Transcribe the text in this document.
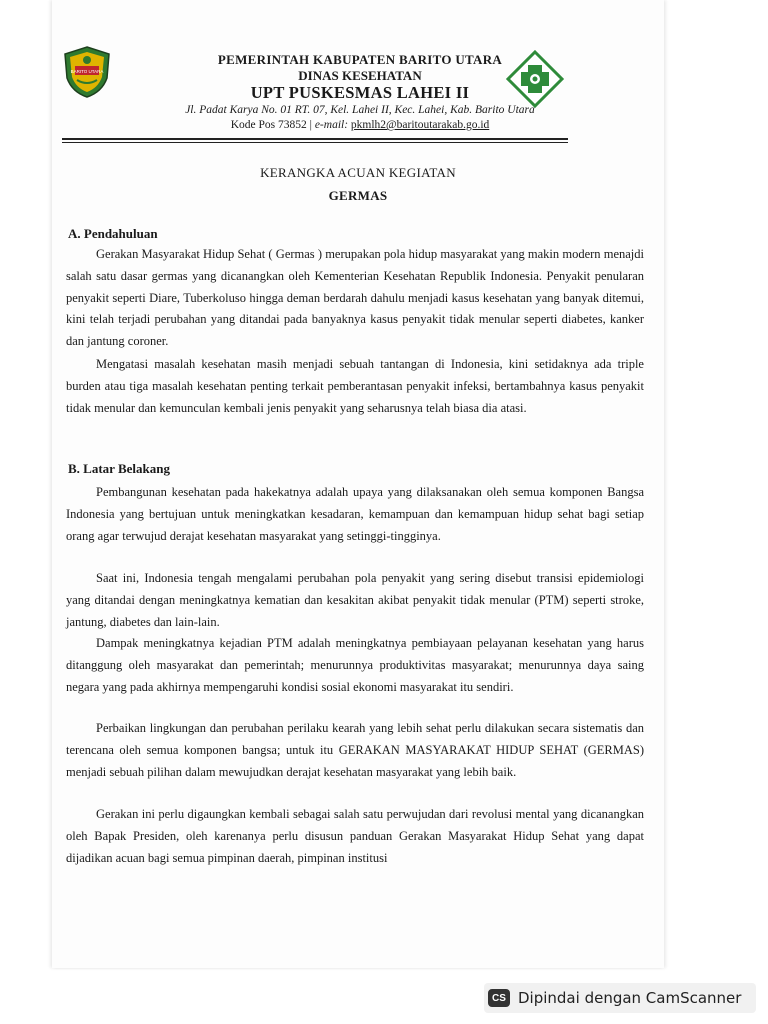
BARITO UTARA
PEMERINTAH KABUPATEN BARITO UTARA
DINAS KESEHATAN
UPT PUSKESMAS LAHEI II
Jl. Padat Karya No. 01 RT. 07, Kel. Lahei II, Kec. Lahei, Kab. Barito Utara
Kode Pos 73852 | e-mail: pkmlh2@baritoutarakab.go.id
KERANGKA ACUAN KEGIATAN
GERMAS
A. Pendahuluan

Gerakan Masyarakat Hidup Sehat ( Germas ) merupakan pola hidup masyarakat yang makin modern menajdi salah satu dasar germas yang dicanangkan oleh Kementerian Kesehatan Republik Indonesia. Penyakit penularan penyakit seperti Diare, Tuberkoluso hingga deman berdarah dahulu menjadi kasus kesehatan yang banyak ditemui, kini telah terjadi perubahan yang ditandai pada banyaknya kasus penyakit tidak menular seperti diabetes, kanker dan jantung coroner.

Mengatasi masalah kesehatan masih menjadi sebuah tantangan di Indonesia, kini setidaknya ada triple burden atau tiga masalah kesehatan penting terkait pemberantasan penyakit infeksi, bertambahnya kasus penyakit tidak menular dan kemunculan kembali jenis penyakit yang seharusnya telah biasa dia atasi.

B. Latar Belakang

Pembangunan kesehatan pada hakekatnya adalah upaya yang dilaksanakan oleh semua komponen Bangsa Indonesia yang bertujuan untuk meningkatkan kesadaran, kemampuan dan kemampuan hidup sehat bagi setiap orang agar terwujud derajat kesehatan masyarakat yang setinggi-tingginya.

Saat ini, Indonesia tengah mengalami perubahan pola penyakit yang sering disebut transisi epidemiologi yang ditandai dengan meningkatnya kematian dan kesakitan akibat penyakit tidak menular (PTM) seperti stroke, jantung, diabetes dan lain-lain.

Dampak meningkatnya kejadian PTM adalah meningkatnya pembiayaan pelayanan kesehatan yang harus ditanggung oleh masyarakat dan pemerintah; menurunnya produktivitas masyarakat; menurunnya daya saing negara yang pada akhirnya mempengaruhi kondisi sosial ekonomi masyarakat itu sendiri.

Perbaikan lingkungan dan perubahan perilaku kearah yang lebih sehat perlu dilakukan secara sistematis dan terencana oleh semua komponen bangsa; untuk itu GERAKAN MASYARAKAT HIDUP SEHAT (GERMAS) menjadi sebuah pilihan dalam mewujudkan derajat kesehatan masyarakat yang lebih baik.

Gerakan ini perlu digaungkan kembali sebagai salah satu perwujudan dari revolusi mental yang dicanangkan oleh Bapak Presiden, oleh karenanya perlu disusun panduan Gerakan Masyarakat Hidup Sehat yang dapat dijadikan acuan bagi semua pimpinan daerah, pimpinan institusi

CS Dipindai dengan CamScanner
